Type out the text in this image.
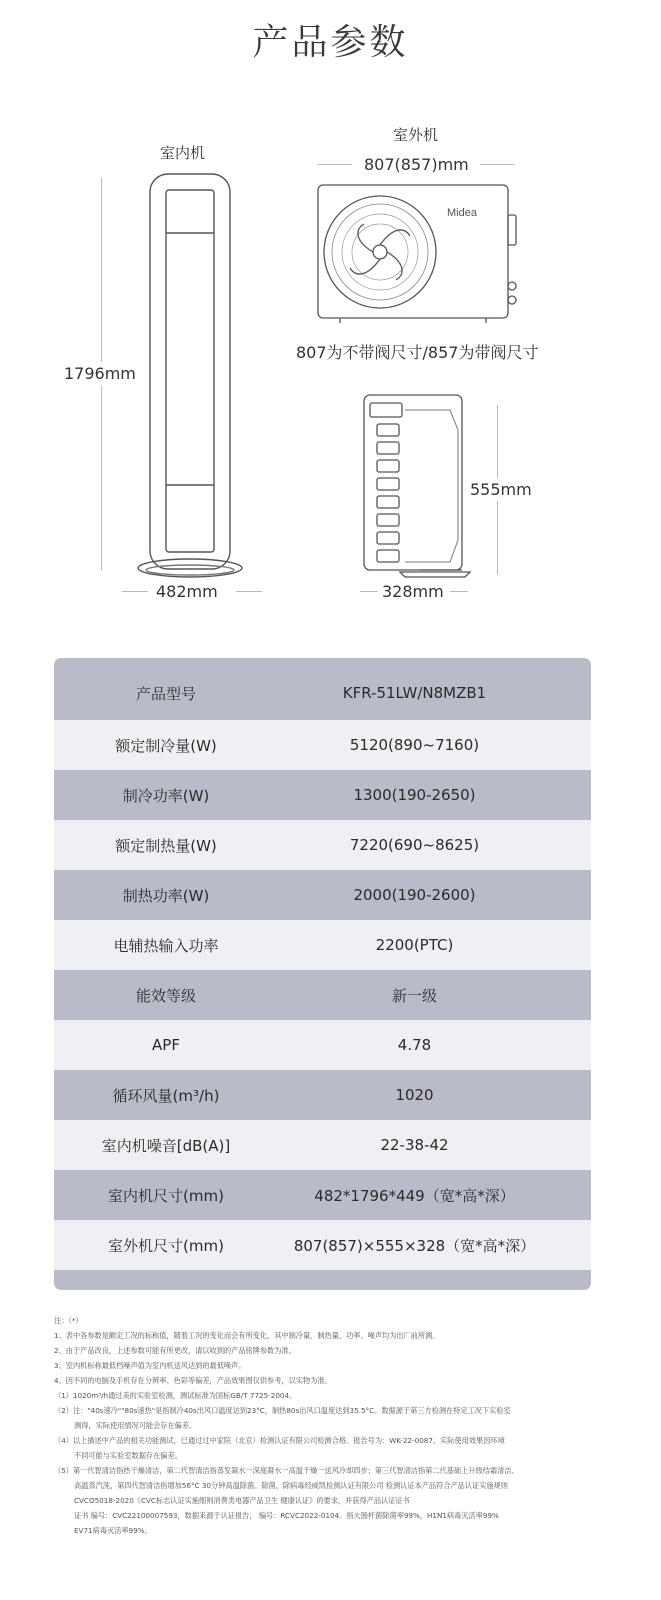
产品参数
室内机
1796mm
482mm
室外机
807(857)mm
Midea
807为不带阀尺寸/857为带阀尺寸
555mm
328mm
产品型号	KFR-51LW/N8MZB1
额定制冷量(W)	5120(890~7160)
制冷功率(W)	1300(190-2650)
额定制热量(W)	7220(690~8625)
制热功率(W)	2000(190-2600)
电辅热输入功率	2200(PTC)
能效等级	新一级
APF	4.78
循环风量(m³/h)	1020
室内机噪音[dB(A)]	22-38-42
室内机尺寸(mm)	482*1796*449（宽*高*深）
室外机尺寸(mm)	807(857)×555×328（宽*高*深）
注：（*）
1、表中各参数是额定工况的标称值，随着工况的变化而会有所变化，其中制冷量、制热量、功率、噪声均为出厂前所测。
2、由于产品改良，上述参数可能有所更改，请以收到的产品铭牌参数为准。
3、室内机标称最低档噪声值为室内机送风达到的最低噪声。
4、因不同的电脑及手机存在分辨率、色彩等偏差，产品效果图仅供参考，以实物为准。
（1）1020m³/h通过美的实验室检测，测试标准为国标GB/T 7725-2004。
（2）注："40s速冷""80s速热"是指制冷40s出风口温度达到23°C，制热80s出风口温度达到35.5°C。数据源于第三方检测在特定工况下实验室
测得，实际使用情况可能会存在偏差。
（4）以上描述中产品的相关功能测试，已通过过中家院（北京）检测认证有限公司检测合格。报告号为：WK-22-0087。实际使用效果因环境
不同可能与实验室数据存在偏差。
（5）第一代智清洁指热干燥清洁，第二代智清洁指蒸发凝水一深度凝水一高温干燥一送风冷却四步；第三代智清洁指第二代基础上升级结霜清洁、
高温蒸汽洗，第四代智清洁指增加56°C 30分钟高温除菌。除菌，除病毒经威凯检测认证有限公司 检测认证本产品符合产品认证实施规则
CVCO5018-2020《CVC标志认证实施细则消费类电器产品卫生 健康认证》的要求，并获得产品认证证书
证书 编号：CVC22100007593，数据来源于认证报告， 编号：RCVC2022-0104。指大肠杆菌除菌率99%，H1N1病毒灭活率99%
EV71病毒灭活率99%。
